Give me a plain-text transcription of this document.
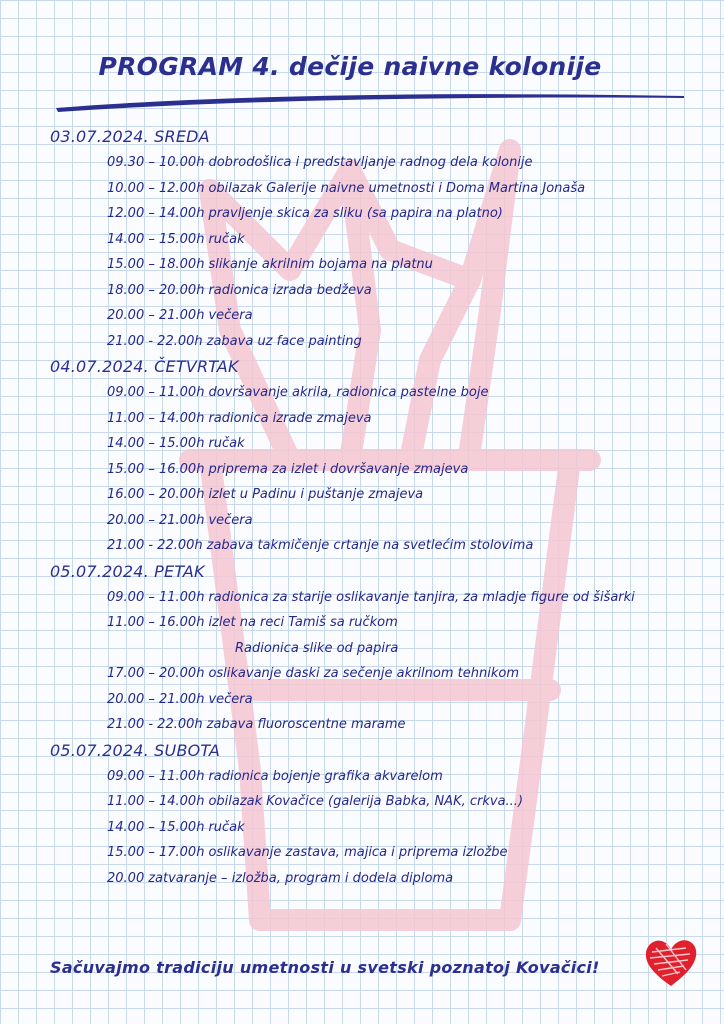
PROGRAM 4. dečije naivne kolonije
03.07.2024. SREDA
09.30 – 10.00h dobrodošlica i predstavljanje radnog dela kolonije
10.00 – 12.00h obilazak Galerije naivne umetnosti i Doma Martina Jonaša
12.00 – 14.00h pravljenje skica za sliku (sa papira na platno)
14.00 – 15.00h ručak
15.00 – 18.00h slikanje akrilnim bojama na platnu
18.00 – 20.00h radionica izrada bedževa
20.00 – 21.00h večera
21.00 - 22.00h zabava uz face painting
04.07.2024. ČETVRTAK
09.00 – 11.00h dovršavanje akrila, radionica pastelne boje
11.00 – 14.00h radionica izrade zmajeva
14.00 – 15.00h ručak
15.00 – 16.00h priprema za izlet i dovršavanje zmajeva
16.00 – 20.00h izlet u Padinu i puštanje zmajeva
20.00 – 21.00h večera
21.00 - 22.00h zabava takmičenje crtanje na svetlećim stolovima
05.07.2024. PETAK
09.00 – 11.00h radionica za starije oslikavanje tanjira, za mladje figure od šišarki
11.00 – 16.00h izlet na reci Tamiš sa ručkom
Radionica slike od papira
17.00 – 20.00h oslikavanje daski za sečenje akrilnom tehnikom
20.00 – 21.00h večera
21.00 - 22.00h zabava fluoroscentne marame
05.07.2024. SUBOTA
09.00 – 11.00h radionica bojenje grafika akvarelom
11.00 – 14.00h obilazak Kovačice (galerija Babka, NAK, crkva...)
14.00 – 15.00h ručak
15.00 – 17.00h oslikavanje zastava, majica i priprema izložbe
20.00 zatvaranje – izložba, program i dodela diploma
Sačuvajmo tradiciju umetnosti u svetski poznatoj Kovačici!
